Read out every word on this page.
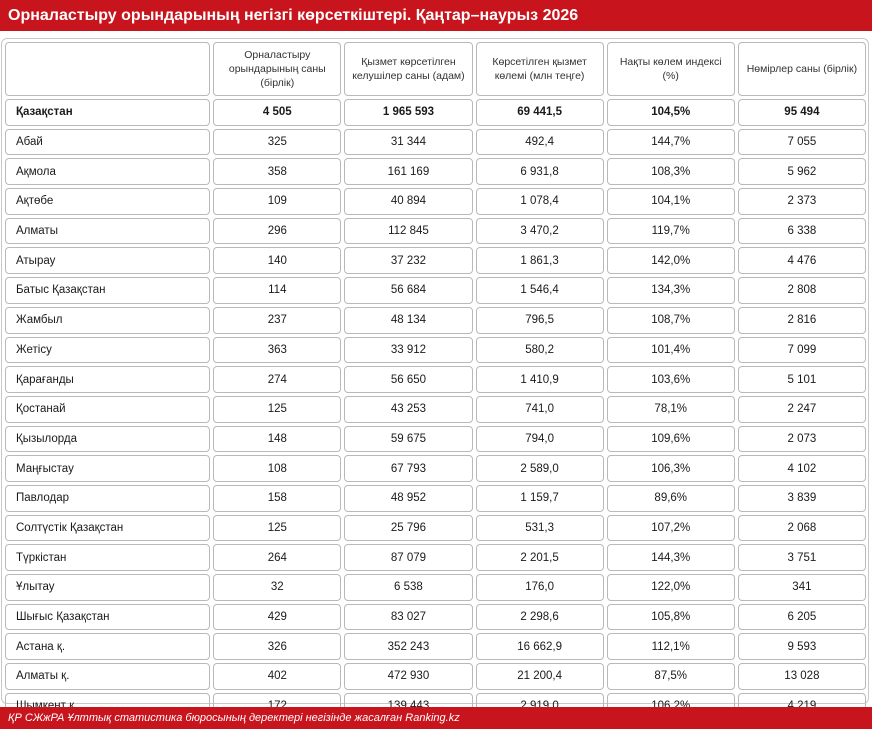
Орналастыру орындарының негізгі көрсеткіштері. Қаңтар–наурыз 2026
	Орналастыру орындарының саны (бірлік)	Қызмет көрсетілген келушілер саны (адам)	Көрсетілген қызмет көлемі (млн теңге)	Нақты көлем индексі (%)	Нөмірлер саны (бірлік)
Қазақстан	4 505	1 965 593	69 441,5	104,5%	95 494
Абай	325	31 344	492,4	144,7%	7 055
Ақмола	358	161 169	6 931,8	108,3%	5 962
Ақтөбе	109	40 894	1 078,4	104,1%	2 373
Алматы	296	112 845	3 470,2	119,7%	6 338
Атырау	140	37 232	1 861,3	142,0%	4 476
Батыс Қазақстан	114	56 684	1 546,4	134,3%	2 808
Жамбыл	237	48 134	796,5	108,7%	2 816
Жетісу	363	33 912	580,2	101,4%	7 099
Қарағанды	274	56 650	1 410,9	103,6%	5 101
Қостанай	125	43 253	741,0	78,1%	2 247
Қызылорда	148	59 675	794,0	109,6%	2 073
Маңғыстау	108	67 793	2 589,0	106,3%	4 102
Павлодар	158	48 952	1 159,7	89,6%	3 839
Солтүстік Қазақстан	125	25 796	531,3	107,2%	2 068
Түркістан	264	87 079	2 201,5	144,3%	3 751
Ұлытау	32	6 538	176,0	122,0%	341
Шығыс Қазақстан	429	83 027	2 298,6	105,8%	6 205
Астана қ.	326	352 243	16 662,9	112,1%	9 593
Алматы қ.	402	472 930	21 200,4	87,5%	13 028

ҚР СЖжРА Ұлттық статистика бюросының деректері негізінде жасалған Ranking.kz
